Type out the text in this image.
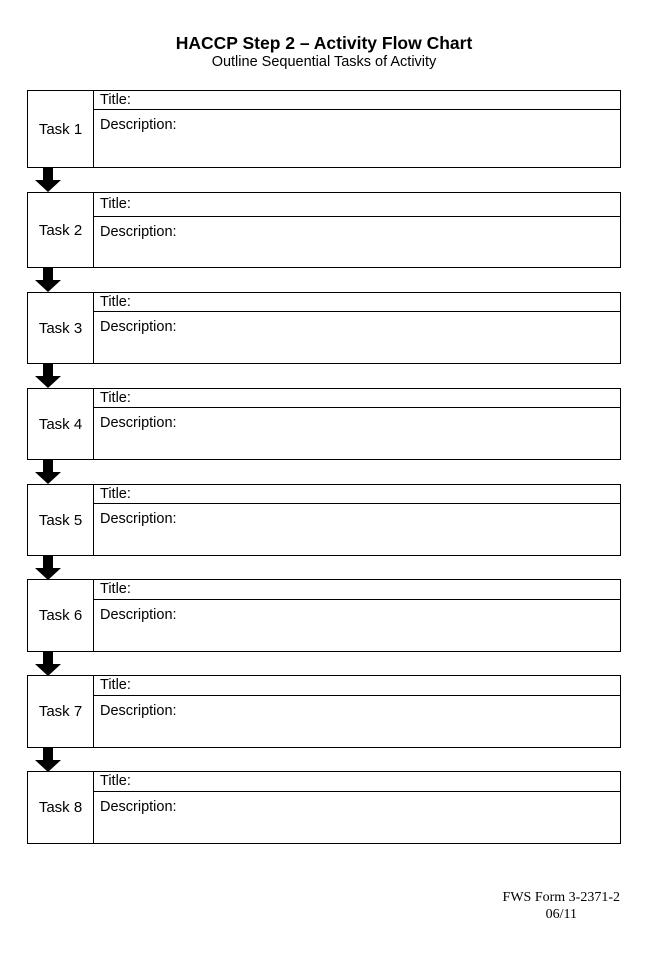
HACCP Step 2 – Activity Flow Chart
Outline Sequential Tasks of Activity
Task 1
Title:
Description:
Task 2
Title:
Description:
Task 3
Title:
Description:
Task 4
Title:
Description:
Task 5
Title:
Description:
Task 6
Title:
Description:
Task 7
Title:
Description:
Task 8
Title:
Description:
FWS Form 3-2371-2
06/11
